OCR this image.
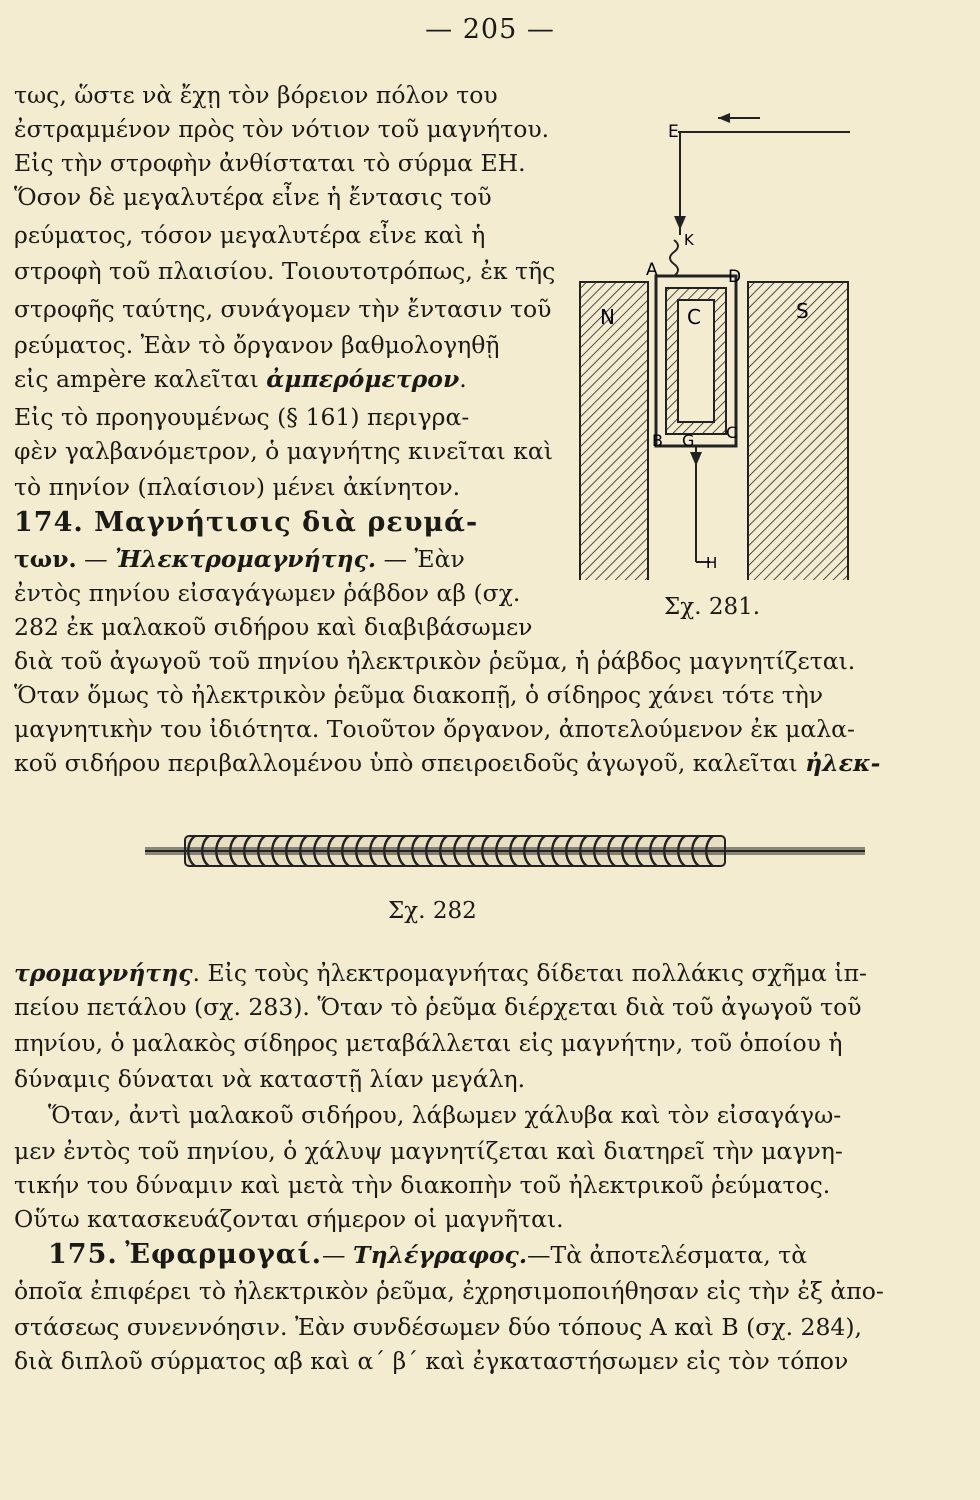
— 205 —
τως, ὥστε νὰ ἔχῃ τὸν βόρειον πόλον του
ἐστραμμένον πρὸς τὸν νότιον τοῦ μαγνήτου.
Εἰς τὴν στροφὴν ἀνθίσταται τὸ σύρμα ΕΗ.
Ὅσον δὲ μεγαλυτέρα εἶνε ἡ ἔντασις τοῦ
ρεύματος, τόσον μεγαλυτέρα εἶνε καὶ ἡ
στροφὴ τοῦ πλαισίου. Τοιουτοτρόπως, ἐκ τῆς
στροφῆς ταύτης, συνάγομεν τὴν ἔντασιν τοῦ
ρεύματος. Ἐὰν τὸ ὄργανον βαθμολογηθῇ
εἰς ampère καλεῖται ἀμπερόμετρον.
Εἰς τὸ προηγουμένως (§ 161) περιγρα-
φὲν γαλβανόμετρον, ὁ μαγνήτης κινεῖται καὶ
τὸ πηνίον (πλαίσιον) μένει ἀκίνητον.
174. Μαγνήτισις διὰ ρευμά-
των. — Ἠλεκτρομαγνήτης. — Ἐὰν
ἐντὸς πηνίου εἰσαγάγωμεν ῥάβδον αβ (σχ.
282 ἐκ μαλακοῦ σιδήρου καὶ διαβιβάσωμεν
διὰ τοῦ ἀγωγοῦ τοῦ πηνίου ἠλεκτρικὸν ῥεῦμα, ἡ ῥάβδος μαγνητίζεται.
Ὅταν ὅμως τὸ ἠλεκτρικὸν ῥεῦμα διακοπῇ, ὁ σίδηρος χάνει τότε τὴν
μαγνητικὴν του ἰδιότητα. Τοιοῦτον ὄργανον, ἀποτελούμενον ἐκ μαλα-
κοῦ σιδήρου περιβαλλομένου ὑπὸ σπειροειδοῦς ἀγωγοῦ, καλεῖται ἠλεκ-
E
K
A	D
N	C	S
B G C
H
Σχ. 281.
Σχ. 282
τρομαγνήτης. Εἰς τοὺς ἠλεκτρομαγνήτας δίδεται πολλάκις σχῆμα ἱπ-
πείου πετάλου (σχ. 283). Ὅταν τὸ ῥεῦμα διέρχεται διὰ τοῦ ἀγωγοῦ τοῦ
πηνίου, ὁ μαλακὸς σίδηρος μεταβάλλεται εἰς μαγνήτην, τοῦ ὁποίου ἡ
δύναμις δύναται νὰ καταστῇ λίαν μεγάλη.
Ὅταν, ἀντὶ μαλακοῦ σιδήρου, λάβωμεν χάλυβα καὶ τὸν εἰσαγάγω-
μεν ἐντὸς τοῦ πηνίου, ὁ χάλυψ μαγνητίζεται καὶ διατηρεῖ τὴν μαγνη-
τικήν του δύναμιν καὶ μετὰ τὴν διακοπὴν τοῦ ἠλεκτρικοῦ ῥεύματος.
Οὕτω κατασκευάζονται σήμερον οἱ μαγνῆται.
175. Ἐφαρμογαί.— Τηλέγραφος.—Τὰ ἀποτελέσματα, τὰ
ὁποῖα ἐπιφέρει τὸ ἠλεκτρικὸν ῥεῦμα, ἐχρησιμοποιήθησαν εἰς τὴν ἐξ ἀπο-
στάσεως συνεννόησιν. Ἐὰν συνδέσωμεν δύο τόπους Α καὶ Β (σχ. 284),
διὰ διπλοῦ σύρματος αβ καὶ α΄ β΄ καὶ ἐγκαταστήσωμεν εἰς τὸν τόπον
